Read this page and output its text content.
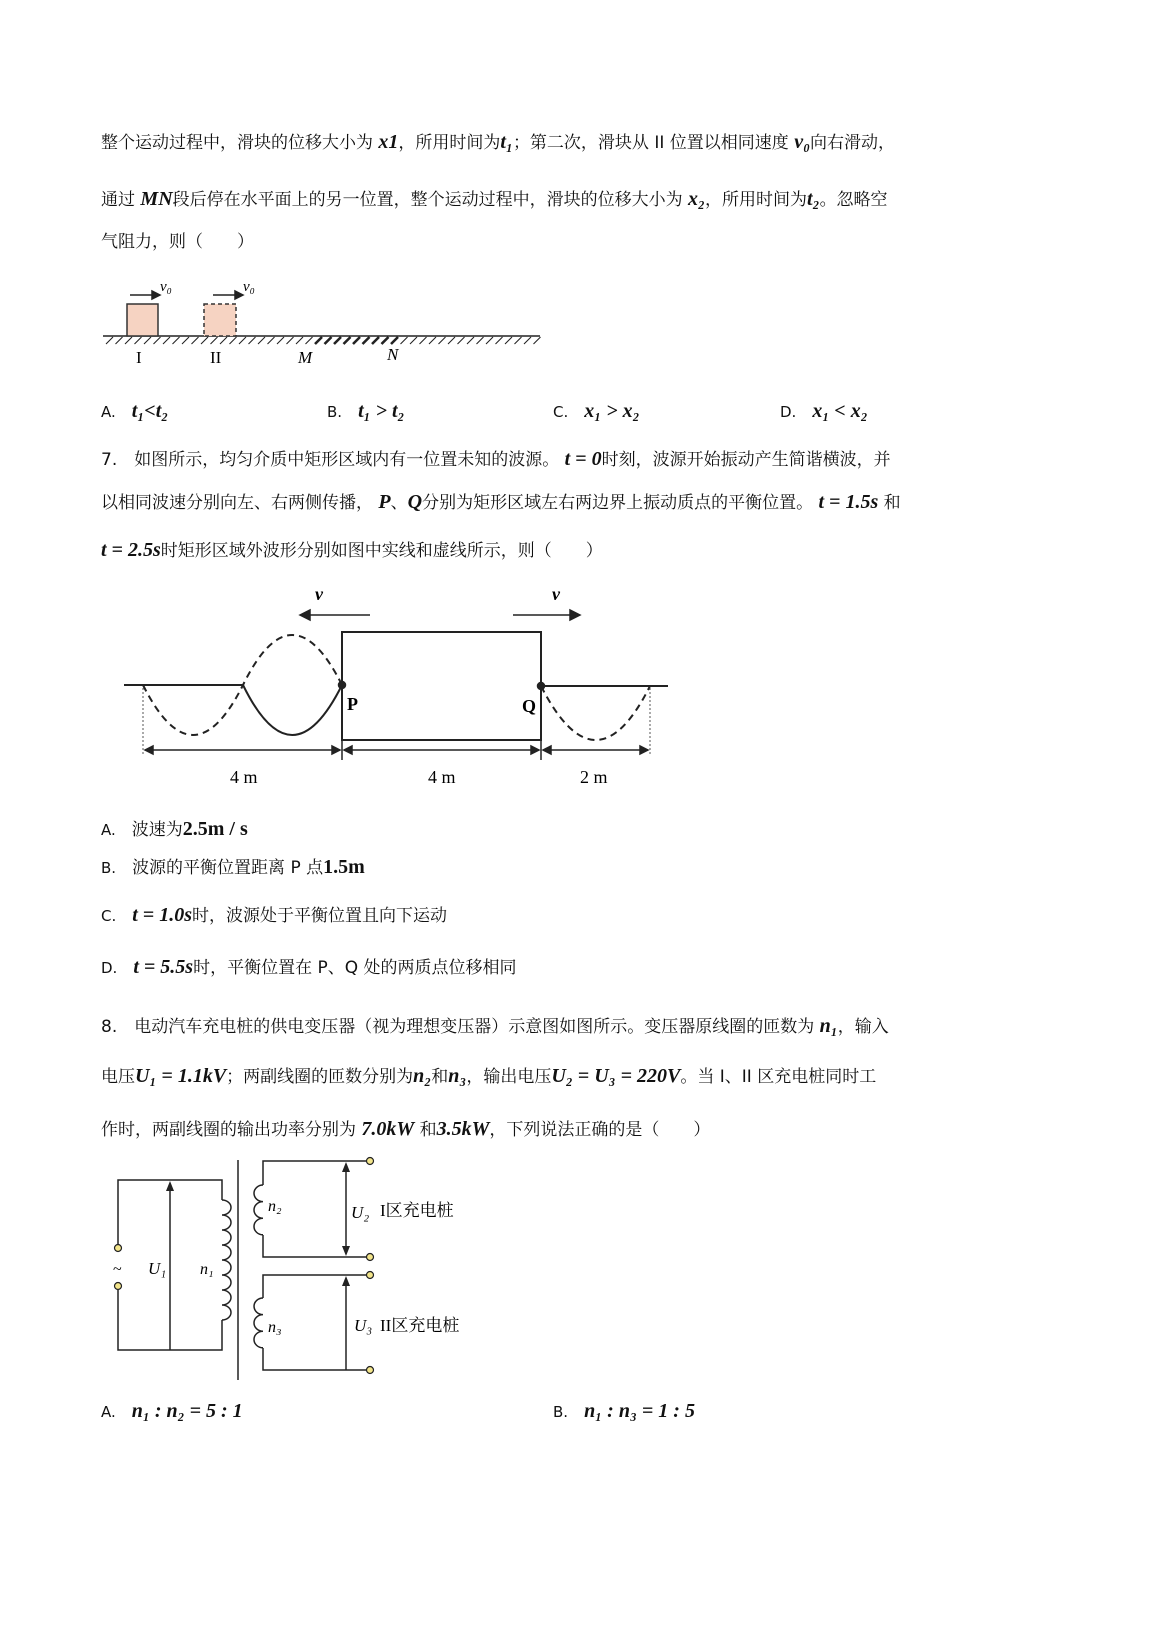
整个运动过程中，滑块的位移大小为 x1，所用时间为t₁；第二次，滑块从 II 位置以相同速度 v₀向右滑动，
通过 MN段后停在水平面上的另一位置，整个运动过程中，滑块的位移大小为 x₂，所用时间为t₂。忽略空
气阻力，则（　　）
v₀	v₀
I	II	M	N
A. t₁<t₂	B. t₁ > t₂	C. x₁ > x₂	D. x₁ < x₂
7.　如图所示，均匀介质中矩形区域内有一位置未知的波源。 t = 0时刻，波源开始振动产生简谐横波，并
以相同波速分别向左、右两侧传播， P、Q分别为矩形区域左右两边界上振动质点的平衡位置。 t = 1.5s 和
t = 2.5s时矩形区域外波形分别如图中实线和虚线所示，则（　　）
v	v
P	Q
4 m	4 m	2 m
A. 波速为2.5m / s
B. 波源的平衡位置距离 P 点1.5m
C. t = 1.0s时，波源处于平衡位置且向下运动
D. t = 5.5s时，平衡位置在 P、Q 处的两质点位移相同
8.　电动汽车充电桩的供电变压器（视为理想变压器）示意图如图所示。变压器原线圈的匝数为 n₁，输入
电压U₁ = 1.1kV；两副线圈的匝数分别为n₂和n₃，输出电压U₂ = U₃ = 220V。当 I、II 区充电桩同时工
作时，两副线圈的输出功率分别为 7.0kW 和3.5kW，下列说法正确的是（　　）
~ U₁ n₁
n₂
n₃
U₂
U₃
I区充电桩
II区充电桩
A. n₁ : n₂ = 5 : 1	B. n₁ : n₃ = 1 : 5
